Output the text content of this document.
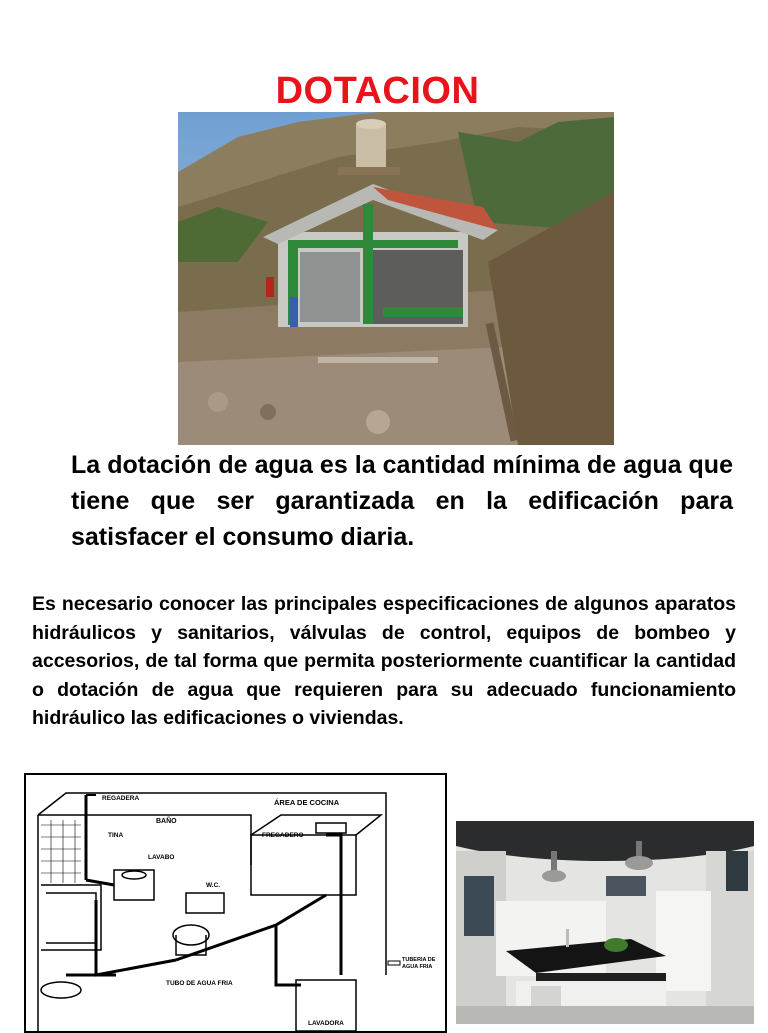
DOTACION
La dotación de agua es la cantidad mínima de agua que tiene que ser garantizada en la edificación para satisfacer el consumo diaria.
Es necesario conocer las principales especificaciones de algunos aparatos hidráulicos y sanitarios, válvulas de control, equipos de bombeo y accesorios, de tal forma que permita posteriormente cuantificar la cantidad o dotación de agua que requieren para su adecuado funcionamiento hidráulico las edificaciones o viviendas.
REGADERA
BAÑO
ÁREA DE COCINA
TINA	FREGADERO
LAVABO
W.C.
TUBERIA DE AGUA FRIA
TUBO DE AGUA FRIA
LAVADORA
